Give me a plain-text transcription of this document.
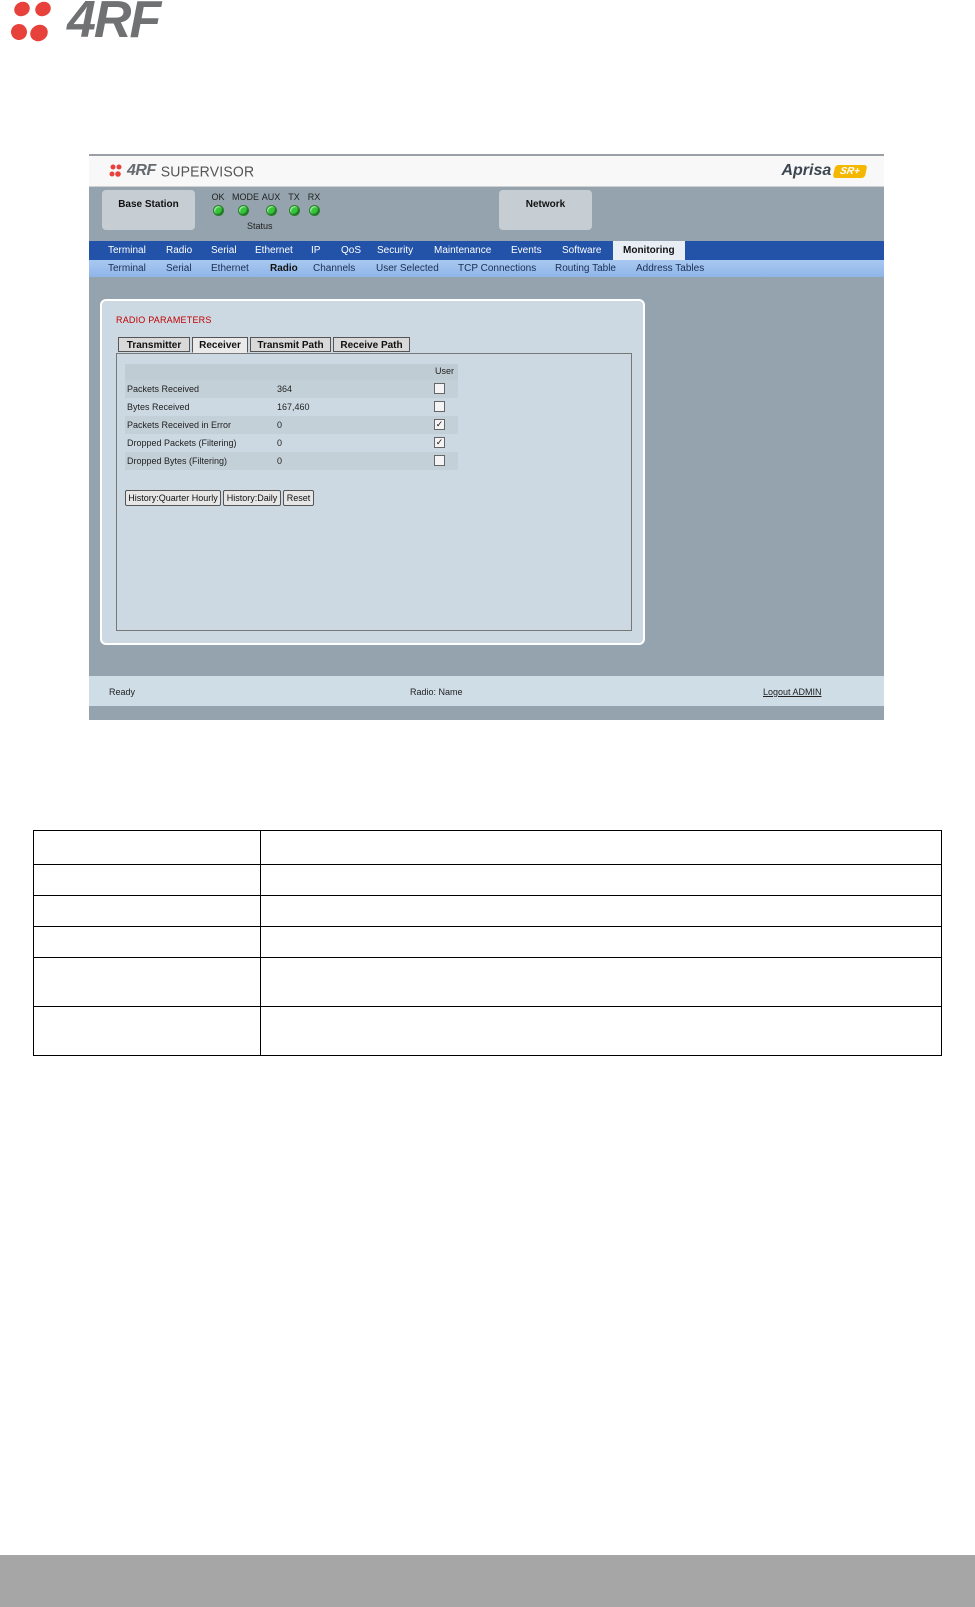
4RF
4RF SUPERVISOR	Aprisa SR+
Base Station
OK MODE AUX TX RX
Status
Network
Terminal Radio Serial Ethernet IP QoS Security Maintenance Events Software	Monitoring
Terminal Serial Ethernet Radio Channels User Selected TCP Connections Routing Table Address Tables
RADIO PARAMETERS
Transmitter	Receiver	Transmit Path	Receive Path
User
Packets Received	364
Bytes Received	167,460
Packets Received in Error	0	✓
Dropped Packets (Filtering)	0	✓
Dropped Bytes (Filtering)	0
History:Quarter Hourly History:Daily	Reset
Ready	Radio: Name	Logout ADMIN
